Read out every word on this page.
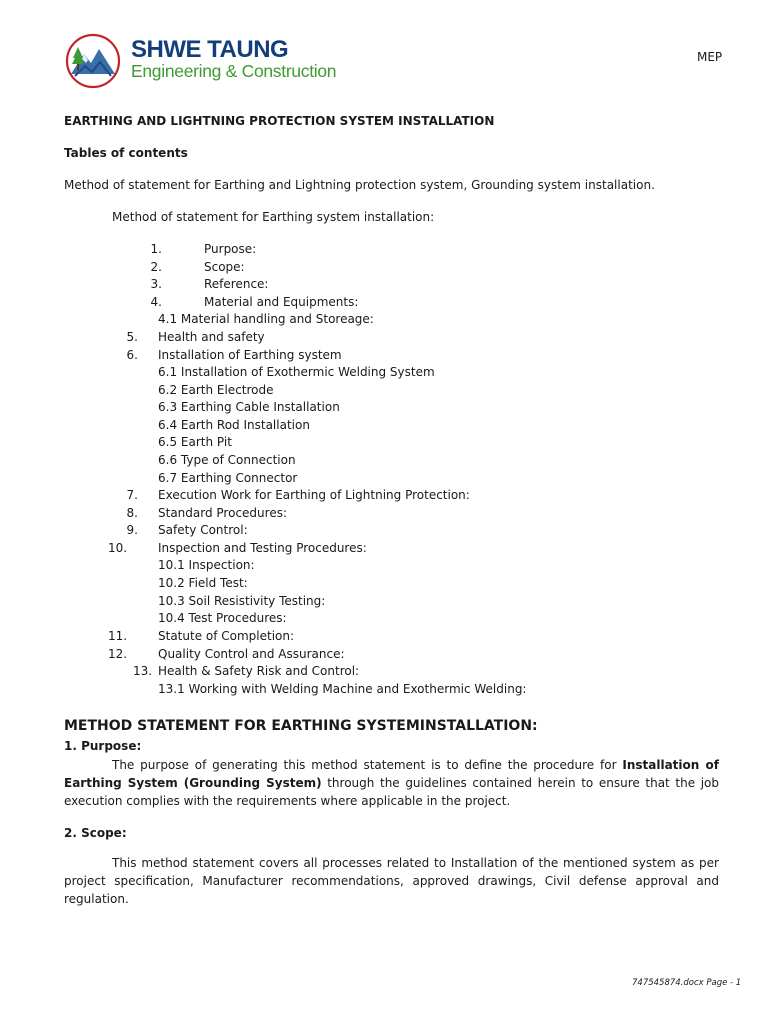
SHWE TAUNG
Engineering & Construction
MEP
EARTHING AND LIGHTNING PROTECTION SYSTEM INSTALLATION
Tables of contents
Method of statement for Earthing and Lightning protection system, Grounding system installation.
Method of statement for Earthing system installation:
1.	Purpose:
2.	Scope:
3.	Reference:
4.	Material and Equipments:
4.1 Material handling and Storeage:
5. Health and safety
6. Installation of Earthing system
6.1 Installation of Exothermic Welding System
6.2 Earth Electrode
6.3 Earthing Cable Installation
6.4 Earth Rod Installation
6.5 Earth Pit
6.6 Type of Connection
6.7 Earthing Connector
7. Execution Work for Earthing of Lightning Protection:
8. Standard Procedures:
9. Safety Control:
10.	Inspection and Testing Procedures:
10.1 Inspection:
10.2 Field Test:
10.3 Soil Resistivity Testing:
10.4 Test Procedures:
11.	Statute of Completion:
12.	Quality Control and Assurance:
13. Health & Safety Risk and Control:
13.1 Working with Welding Machine and Exothermic Welding:
METHOD STATEMENT FOR EARTHING SYSTEMINSTALLATION:
1. Purpose:
The purpose of generating this method statement is to define the procedure for Installation of Earthing System (Grounding System) through the guidelines contained herein to ensure that the job execution complies with the requirements where applicable in the project.
2. Scope:
This method statement covers all processes related to Installation of the mentioned system as per project specification, Manufacturer recommendations, approved drawings, Civil defense approval and regulation.
747545874.docx Page - 1
